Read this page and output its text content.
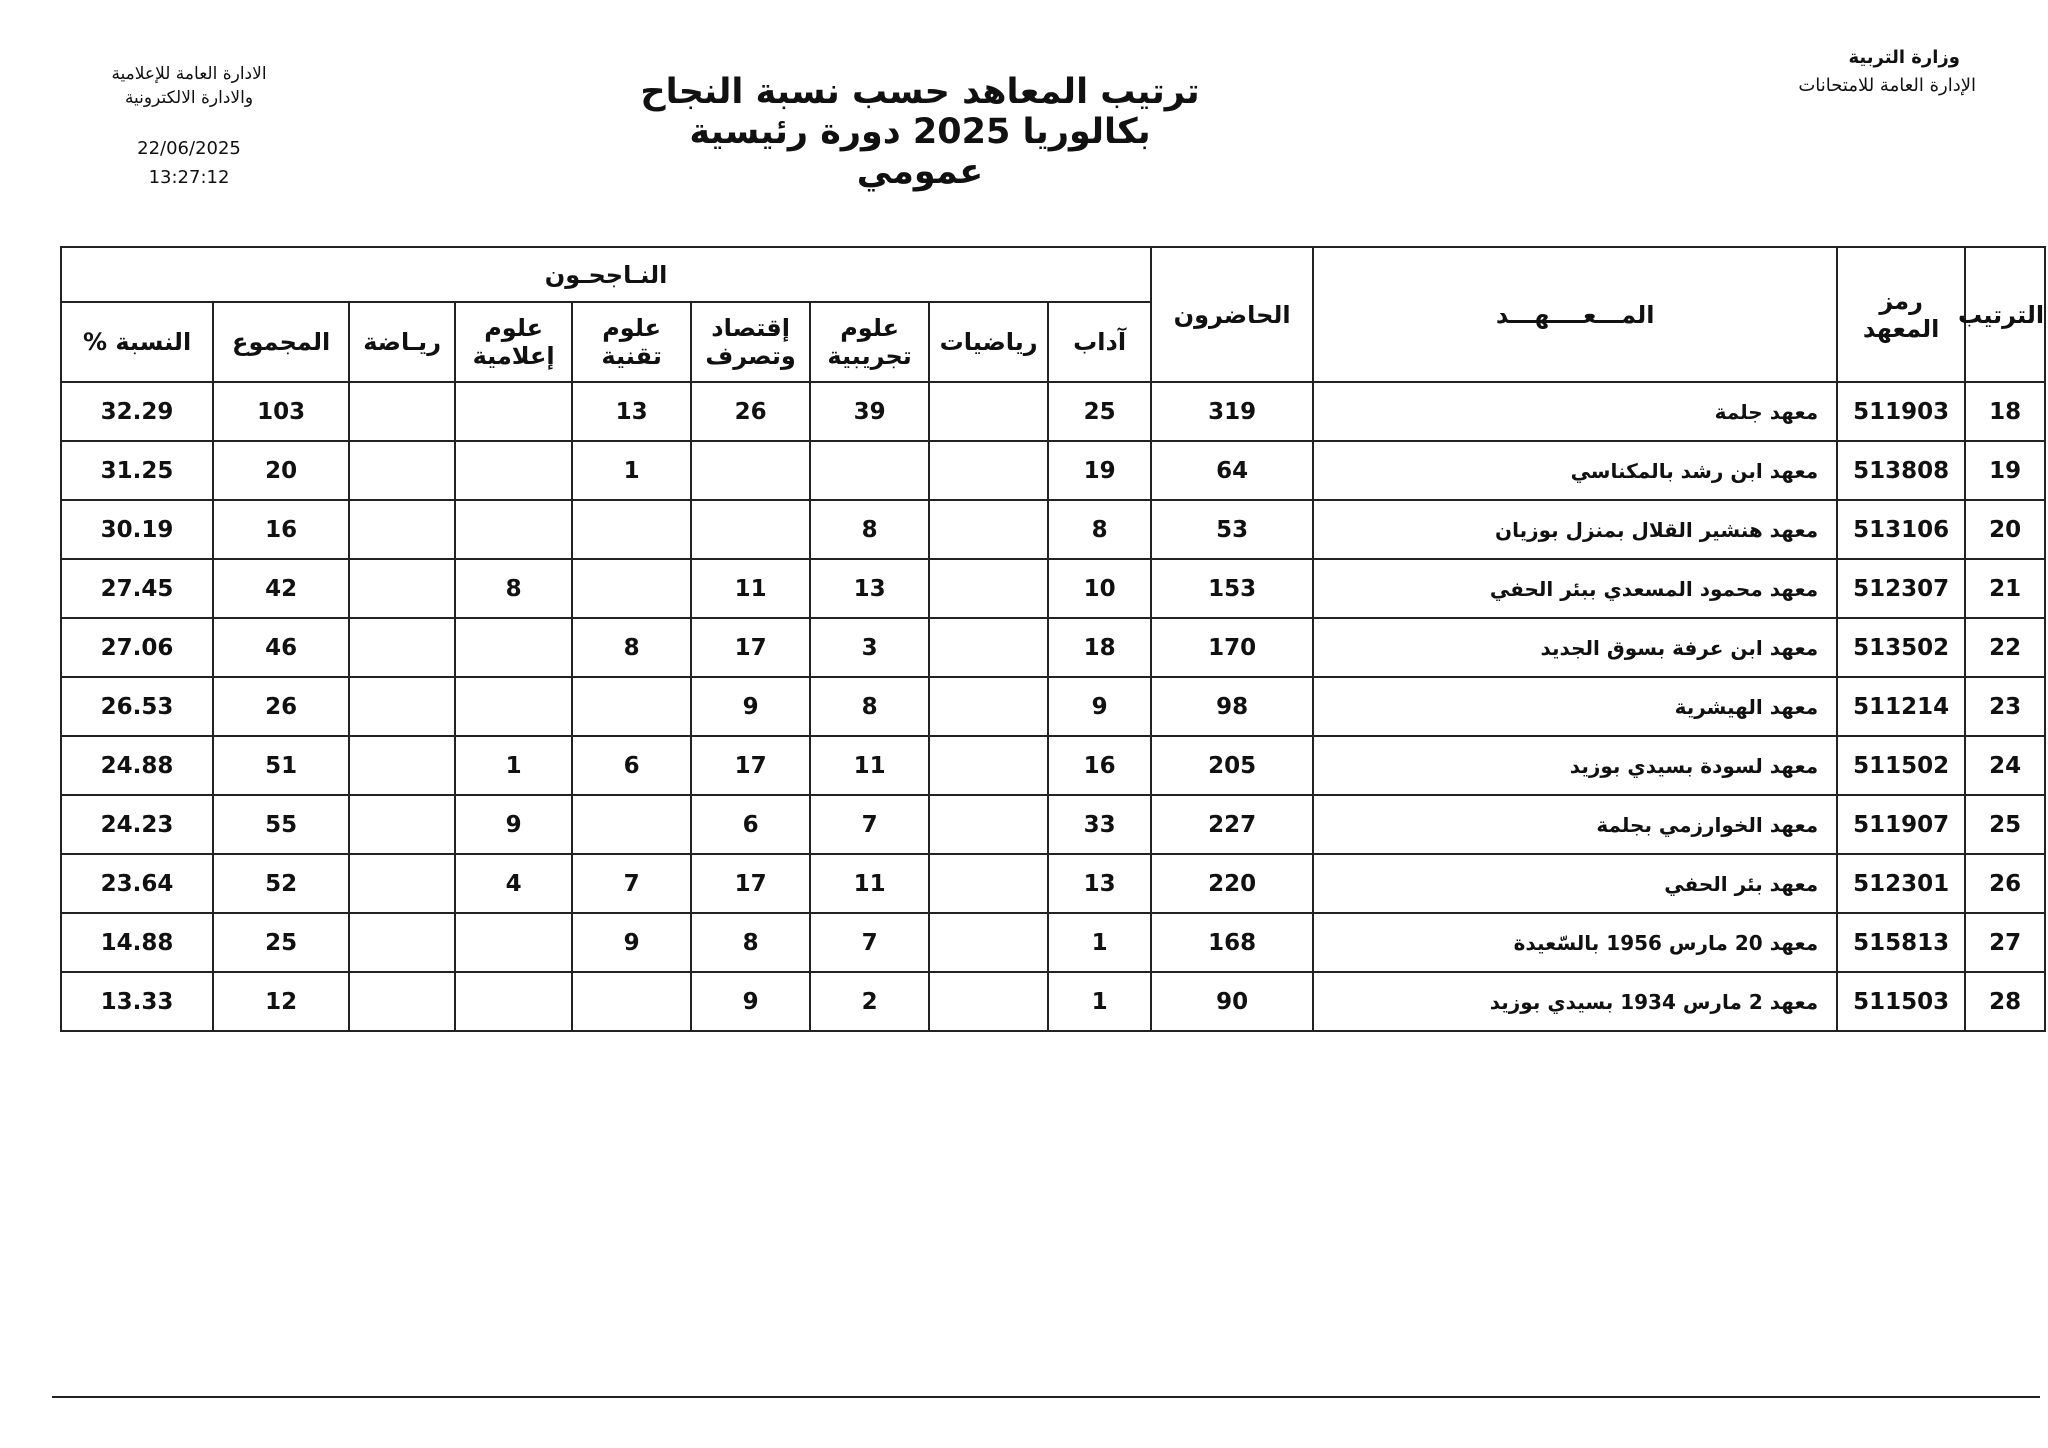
وزارة التربية
الإدارة العامة للامتحانات
الادارة العامة للإعلامية
والادارة الالكترونية
22/06/2025
13:27:12
ترتيب المعاهد حسب نسبة النجاح
بكالوريا 2025 دورة رئيسية
عمومي
الترتيب	رمز المعهد	المـــعــــهـــد	الحاضرون	النـاجحـون								
				آداب	رياضيات	علوم تجريبية	إقتصاد وتصرف	علوم تقنية	علوم إعلامية	ريـاضة	المجموع	النسبة %
18	511903	معهد جلمة	319	25		39	26	13			103	32.29
19	513808	معهد ابن رشد بالمكناسي	64	19				1			20	31.25
20	513106	معهد هنشير القلال بمنزل بوزيان	53	8		8					16	30.19
21	512307	معهد محمود المسعدي ببئر الحفي	153	10		13	11		8		42	27.45
22	513502	معهد ابن عرفة بسوق الجديد	170	18		3	17	8			46	27.06
23	511214	معهد الهيشرية	98	9		8	9				26	26.53
24	511502	معهد لسودة بسيدي بوزيد	205	16		11	17	6	1		51	24.88
25	511907	معهد الخوارزمي بجلمة	227	33		7	6		9		55	24.23
26	512301	معهد بئر الحفي	220	13		11	17	7	4		52	23.64
27	515813	معهد 20 مارس 1956 بالسّعيدة	168	1		7	8	9			25	14.88
28	511503	معهد 2 مارس 1934 بسيدي بوزيد	90	1		2	9				12	13.33
